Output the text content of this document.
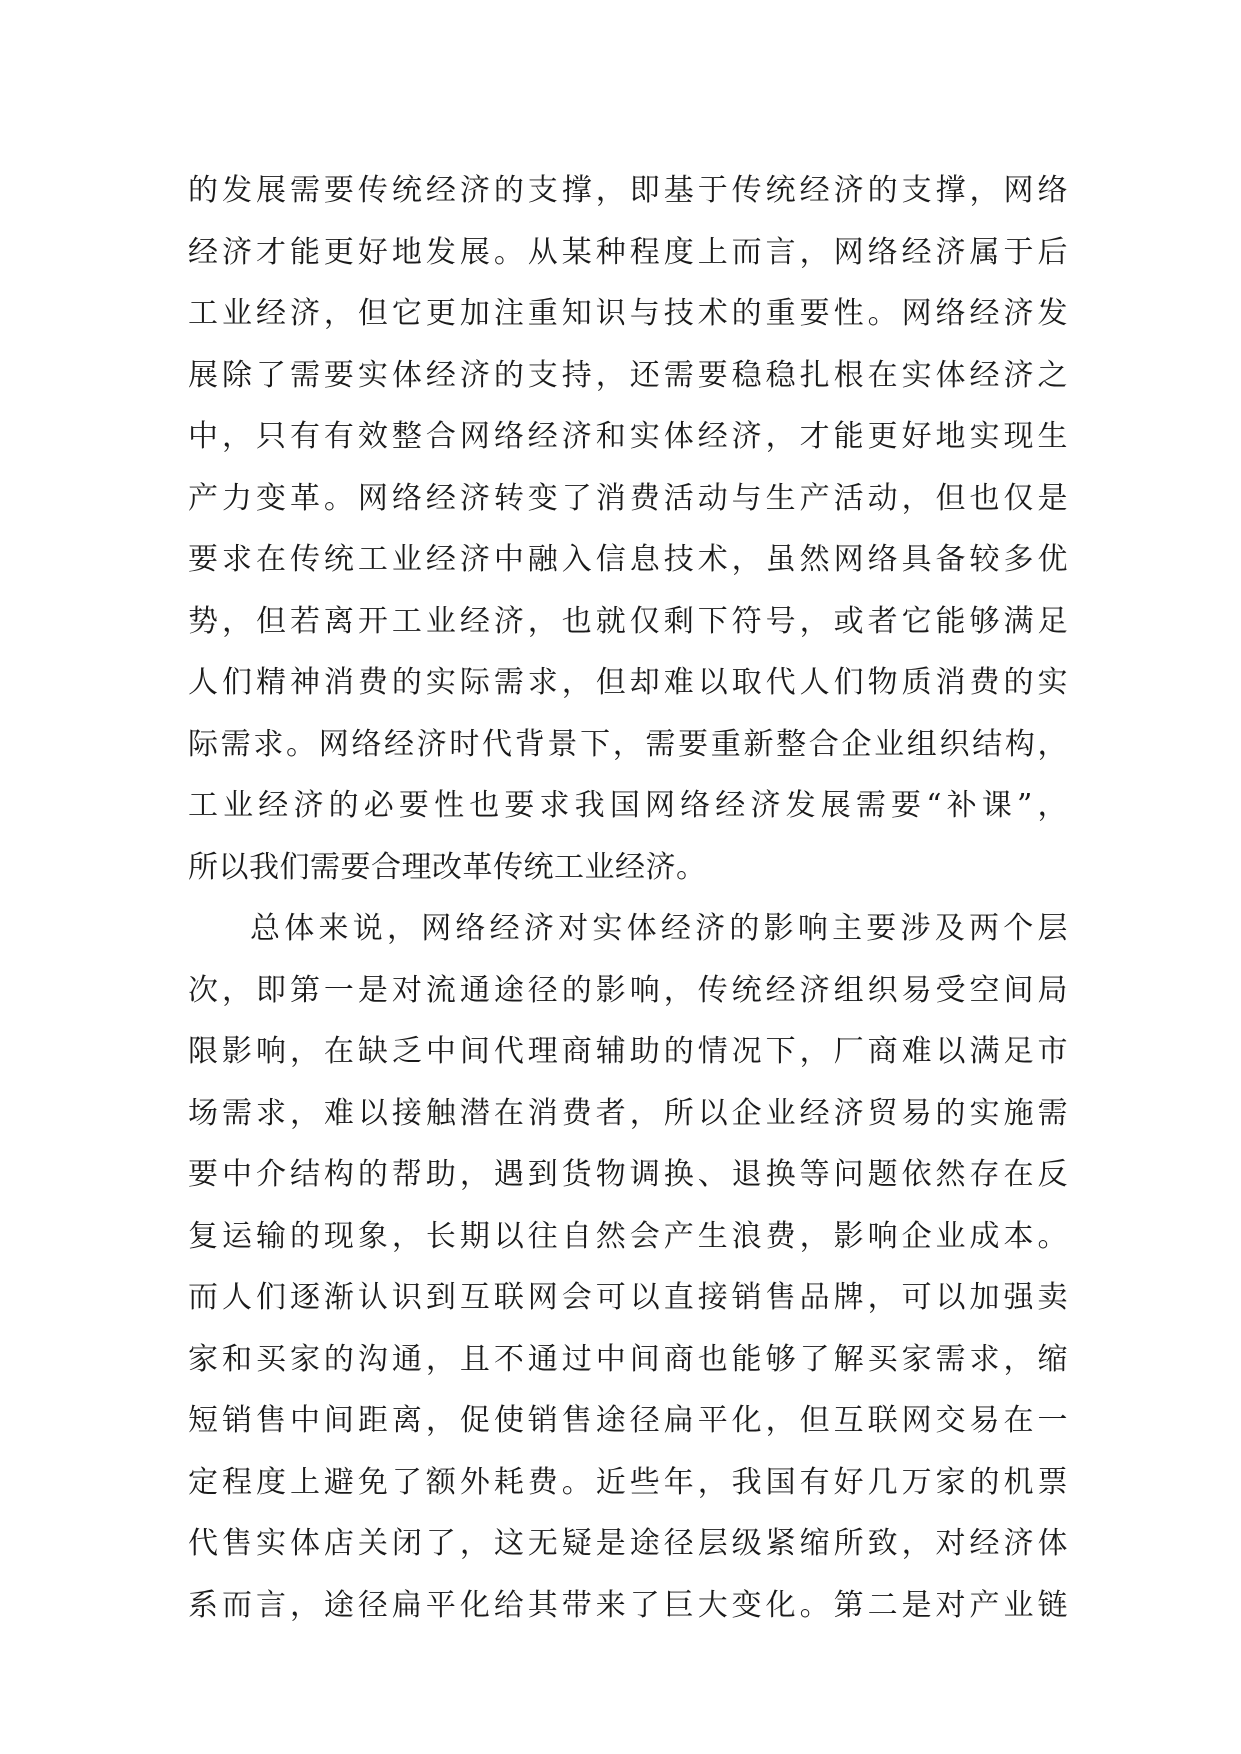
的发展需要传统经济的支撑，即基于传统经济的支撑，网络
经济才能更好地发展。从某种程度上而言，网络经济属于后
工业经济，但它更加注重知识与技术的重要性。网络经济发
展除了需要实体经济的支持，还需要稳稳扎根在实体经济之
中，只有有效整合网络经济和实体经济，才能更好地实现生
产力变革。网络经济转变了消费活动与生产活动，但也仅是
要求在传统工业经济中融入信息技术，虽然网络具备较多优
势，但若离开工业经济，也就仅剩下符号，或者它能够满足
人们精神消费的实际需求，但却难以取代人们物质消费的实
际需求。网络经济时代背景下，需要重新整合企业组织结构，
工业经济的必要性也要求我国网络经济发展需要“补课”，
所以我们需要合理改革传统工业经济。
总体来说，网络经济对实体经济的影响主要涉及两个层
次，即第一是对流通途径的影响，传统经济组织易受空间局
限影响，在缺乏中间代理商辅助的情况下，厂商难以满足市
场需求，难以接触潜在消费者，所以企业经济贸易的实施需
要中介结构的帮助，遇到货物调换、退换等问题依然存在反
复运输的现象，长期以往自然会产生浪费，影响企业成本。
而人们逐渐认识到互联网会可以直接销售品牌，可以加强卖
家和买家的沟通，且不通过中间商也能够了解买家需求，缩
短销售中间距离，促使销售途径扁平化，但互联网交易在一
定程度上避免了额外耗费。近些年，我国有好几万家的机票
代售实体店关闭了，这无疑是途径层级紧缩所致，对经济体
系而言，途径扁平化给其带来了巨大变化。第二是对产业链
